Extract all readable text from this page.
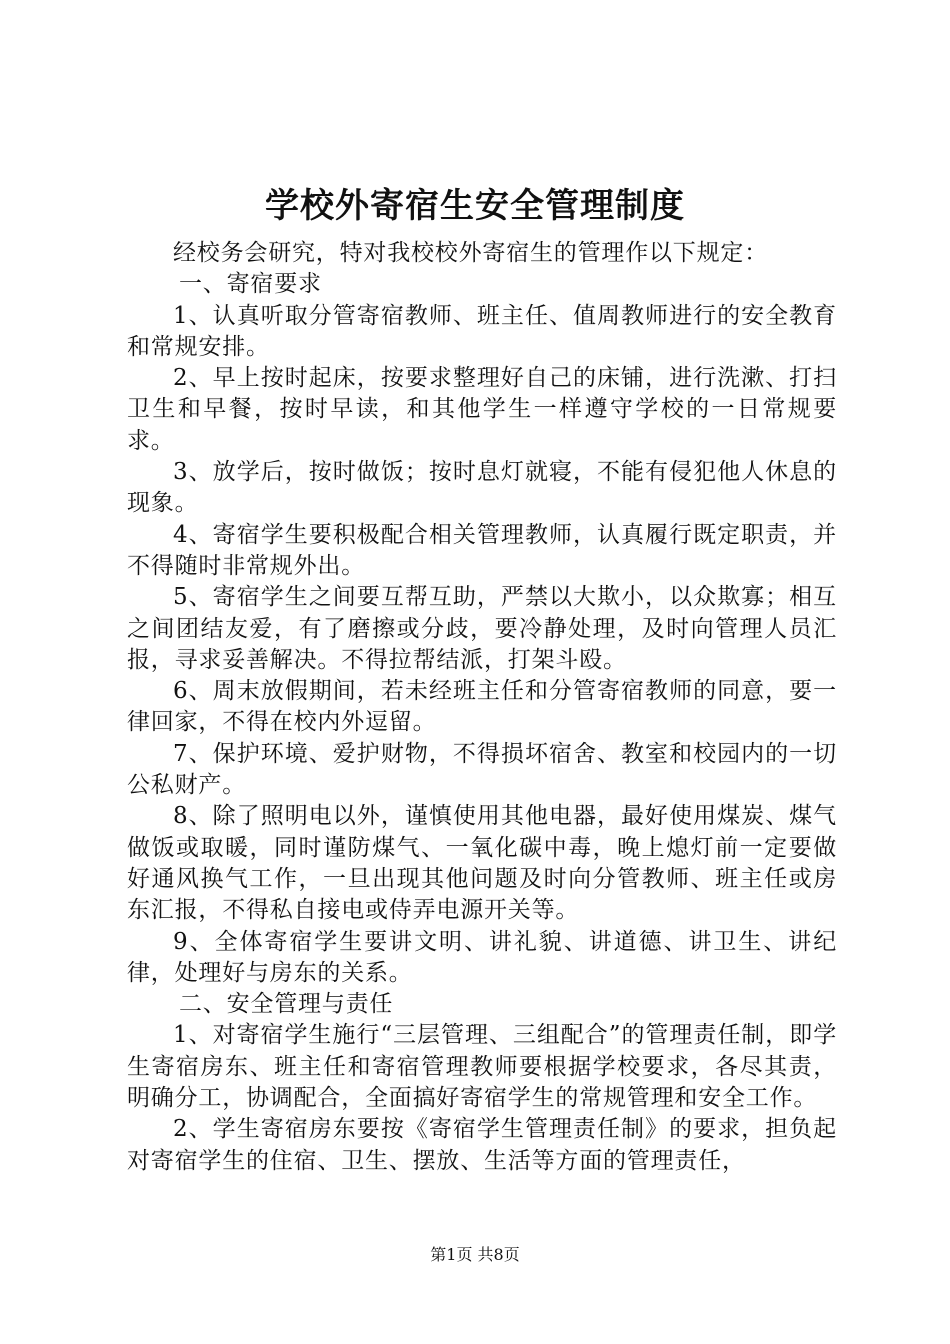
学校外寄宿生安全管理制度

经校务会研究，特对我校校外寄宿生的管理作以下规定：

一、寄宿要求

1、认真听取分管寄宿教师、班主任、值周教师进行的安全教育和常规安排。

2、早上按时起床，按要求整理好自己的床铺，进行洗漱、打扫卫生和早餐，按时早读，和其他学生一样遵守学校的一日常规要求。

3、放学后，按时做饭；按时息灯就寝，不能有侵犯他人休息的现象。

4、寄宿学生要积极配合相关管理教师，认真履行既定职责，并不得随时非常规外出。

5、寄宿学生之间要互帮互助，严禁以大欺小，以众欺寡；相互之间团结友爱，有了磨擦或分歧，要冷静处理，及时向管理人员汇报，寻求妥善解决。不得拉帮结派，打架斗殴。

6、周末放假期间，若未经班主任和分管寄宿教师的同意，要一律回家，不得在校内外逗留。

7、保护环境、爱护财物，不得损坏宿舍、教室和校园内的一切公私财产。

8、除了照明电以外，谨慎使用其他电器，最好使用煤炭、煤气做饭或取暖，同时谨防煤气、一氧化碳中毒，晚上熄灯前一定要做好通风换气工作，一旦出现其他问题及时向分管教师、班主任或房东汇报，不得私自接电或侍弄电源开关等。

9、全体寄宿学生要讲文明、讲礼貌、讲道德、讲卫生、讲纪律，处理好与房东的关系。

二、安全管理与责任

1、对寄宿学生施行“三层管理、三组配合”的管理责任制，即学生寄宿房东、班主任和寄宿管理教师要根据学校要求，各尽其责，明确分工，协调配合，全面搞好寄宿学生的常规管理和安全工作。

2、学生寄宿房东要按《寄宿学生管理责任制》的要求，担负起对寄宿学生的住宿、卫生、摆放、生活等方面的管理责任，

第1页 共8页
